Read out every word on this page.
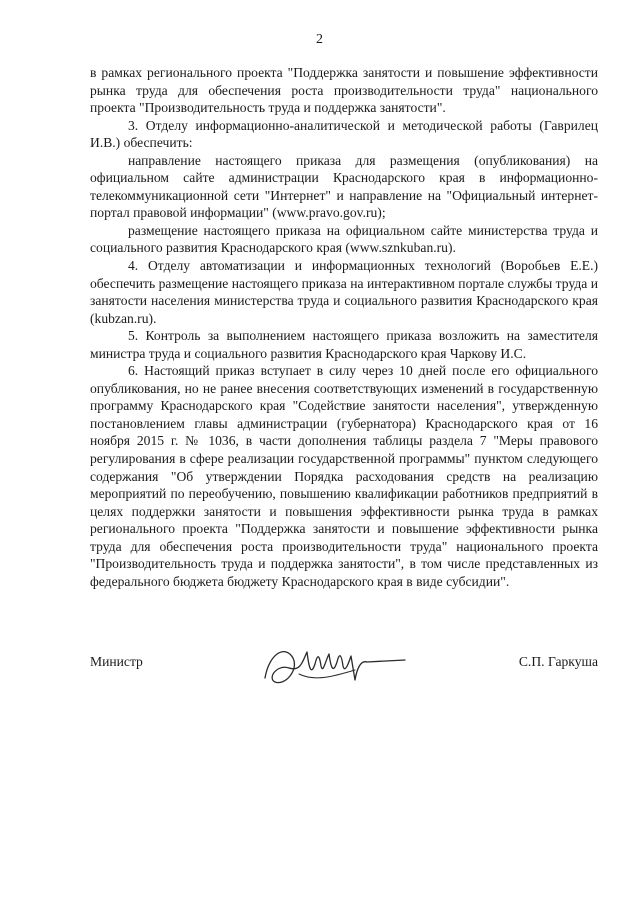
2

в рамках регионального проекта "Поддержка занятости и повышение эффективности рынка труда для обеспечения роста производительности труда" национального проекта "Производительность труда и поддержка занятости".

3. Отделу информационно-аналитической и методической работы (Гаврилец И.В.) обеспечить:

направление настоящего приказа для размещения (опубликования) на официальном сайте администрации Краснодарского края в информационно-телекоммуникационной сети "Интернет" и направление на "Официальный интернет-портал правовой информации" (www.pravo.gov.ru);

размещение настоящего приказа на официальном сайте министерства труда и социального развития Краснодарского края (www.sznkuban.ru).

4. Отделу автоматизации и информационных технологий (Воробьев Е.Е.) обеспечить размещение настоящего приказа на интерактивном портале службы труда и занятости населения министерства труда и социального развития Краснодарского края (kubzan.ru).

5. Контроль за выполнением настоящего приказа возложить на заместителя министра труда и социального развития Краснодарского края Чаркову И.С.

6. Настоящий приказ вступает в силу через 10 дней после его официального опубликования, но не ранее внесения соответствующих изменений в государственную программу Краснодарского края "Содействие занятости населения", утвержденную постановлением главы администрации (губернатора) Краснодарского края от 16 ноября 2015 г. № 1036, в части дополнения таблицы раздела 7 "Меры правового регулирования в сфере реализации государственной программы" пунктом следующего содержания "Об утверждении Порядка расходования средств на реализацию мероприятий по переобучению, повышению квалификации работников предприятий в целях поддержки занятости и повышения эффективности рынка труда в рамках регионального проекта "Поддержка занятости и повышение эффективности рынка труда для обеспечения роста производительности труда" национального проекта "Производительность труда и поддержка занятости", в том числе представленных из федерального бюджета бюджету Краснодарского края в виде субсидии".

Министр	С.П. Гаркуша
